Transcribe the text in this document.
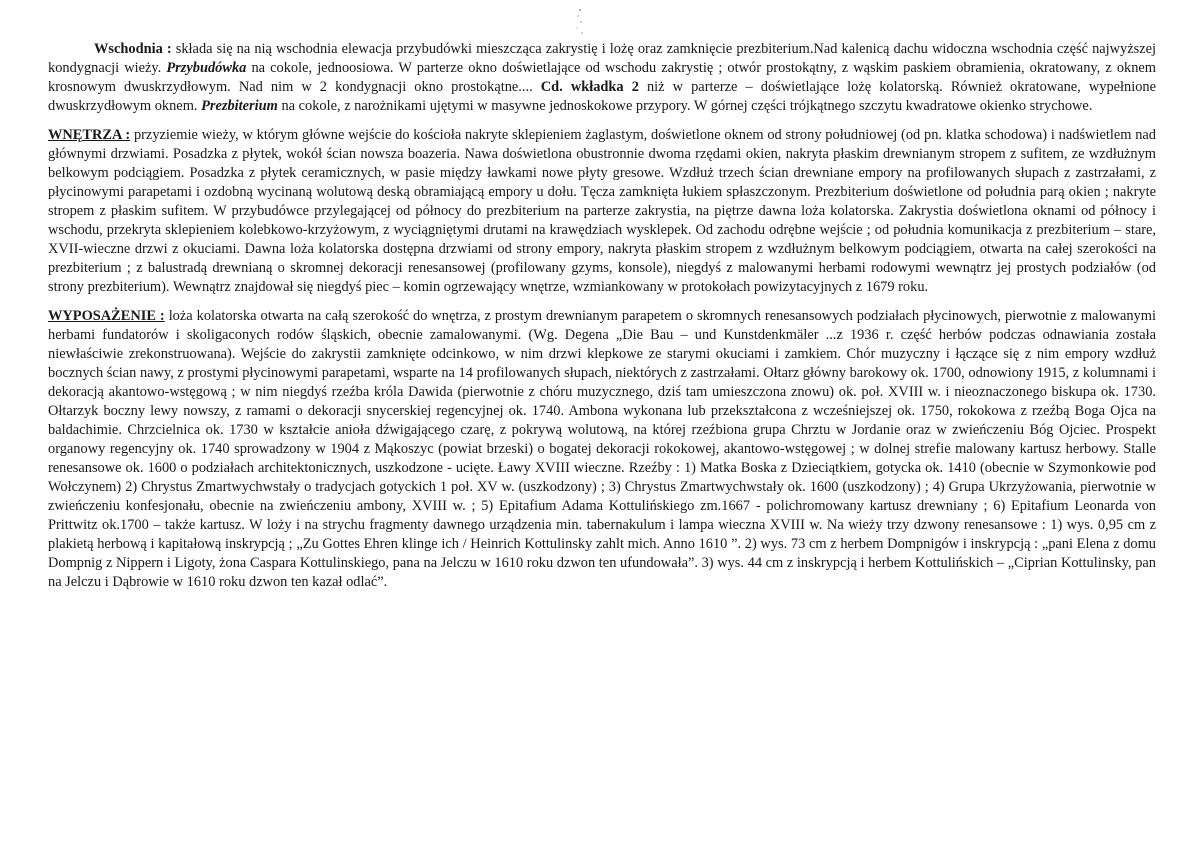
Wschodnia : składa się na nią wschodnia elewacja przybudówki mieszcząca zakrystię i lożę oraz zamknięcie prezbiterium.Nad kalenicą dachu widoczna wschodnia część najwyższej kondygnacji wieży. Przybudówka na cokole, jednoosiowa. W parterze okno doświetlające od wschodu zakrystię ; otwór prostokątny, z wąskim paskiem obramienia, okratowany, z oknem krosnowym dwuskrzydłowym. Nad nim w 2 kondygnacji okno prostokątne.... Cd. wkładka 2 niż w parterze – doświetlające lożę kolatorską. Również okratowane, wypełnione dwuskrzydłowym oknem. Prezbiterium na cokole, z narożnikami ujętymi w masywne jednoskokowe przypory. W górnej części trójkątnego szczytu kwadratowe okienko strychowe.

WNĘTRZA : przyziemie wieży, w którym główne wejście do kościoła nakryte sklepieniem żaglastym, doświetlone oknem od strony południowej (od pn. klatka schodowa) i nadświetlem nad głównymi drzwiami. Posadzka z płytek, wokół ścian nowsza boazeria. Nawa doświetlona obustronnie dwoma rzędami okien, nakryta płaskim drewnianym stropem z sufitem, ze wzdłużnym belkowym podciągiem. Posadzka z płytek ceramicznych, w pasie między ławkami nowe płyty gresowe. Wzdłuż trzech ścian drewniane empory na profilowanych słupach z zastrzałami, z płycinowymi parapetami i ozdobną wycinaną wolutową deską obramiającą empory u dołu. Tęcza zamknięta łukiem spłaszczonym. Prezbiterium doświetlone od południa parą okien ; nakryte stropem z płaskim sufitem. W przybudówce przylegającej od północy do prezbiterium na parterze zakrystia, na piętrze dawna loża kolatorska. Zakrystia doświetlona oknami od północy i wschodu, przekryta sklepieniem kolebkowo-krzyżowym, z wyciągniętymi drutami na krawędziach wysklepek. Od zachodu odrębne wejście ; od południa komunikacja z prezbiterium – stare, XVII-wieczne drzwi z okuciami. Dawna loża kolatorska dostępna drzwiami od strony empory, nakryta płaskim stropem z wzdłużnym belkowym podciągiem, otwarta na całej szerokości na prezbiterium ; z balustradą drewnianą o skromnej dekoracji renesansowej (profilowany gzyms, konsole), niegdyś z malowanymi herbami rodowymi wewnątrz jej prostych podziałów (od strony prezbiterium). Wewnątrz znajdował się niegdyś piec – komin ogrzewający wnętrze, wzmiankowany w protokołach powizytacyjnych z 1679 roku.

WYPOSAŻENIE : loża kolatorska otwarta na całą szerokość do wnętrza, z prostym drewnianym parapetem o skromnych renesansowych podziałach płycinowych, pierwotnie z malowanymi herbami fundatorów i skoligaconych rodów śląskich, obecnie zamalowanymi. (Wg. Degena „Die Bau – und Kunstdenkmäler ...z 1936 r. część herbów podczas odnawiania została niewłaściwie zrekonstruowana). Wejście do zakrystii zamknięte odcinkowo, w nim drzwi klepkowe ze starymi okuciami i zamkiem. Chór muzyczny i łączące się z nim empory wzdłuż bocznych ścian nawy, z prostymi płycinowymi parapetami, wsparte na 14 profilowanych słupach, niektórych z zastrzałami. Ołtarz główny barokowy ok. 1700, odnowiony 1915, z kolumnami i dekoracją akantowo-wstęgową ; w nim niegdyś rzeźba króla Dawida (pierwotnie z chóru muzycznego, dziś tam umieszczona znowu) ok. poł. XVIII w. i nieoznaczonego biskupa ok. 1730. Ołtarzyk boczny lewy nowszy, z ramami o dekoracji snycerskiej regencyjnej ok. 1740. Ambona wykonana lub przekształcona z wcześniejszej ok. 1750, rokokowa z rzeźbą Boga Ojca na baldachimie. Chrzcielnica ok. 1730 w kształcie anioła dźwigającego czarę, z pokrywą wolutową, na której rzeźbiona grupa Chrztu w Jordanie oraz w zwieńczeniu Bóg Ojciec. Prospekt organowy regencyjny ok. 1740 sprowadzony w 1904 z Mąkoszyc (powiat brzeski) o bogatej dekoracji rokokowej, akantowo-wstęgowej ; w dolnej strefie malowany kartusz herbowy. Stalle renesansowe ok. 1600 o podziałach architektonicznych, uszkodzone - ucięte. Ławy XVIII wieczne. Rzeźby : 1) Matka Boska z Dzieciątkiem, gotycka ok. 1410 (obecnie w Szymonkowie pod Wołczynem) 2) Chrystus Zmartwychwstały o tradycjach gotyckich 1 poł. XV w. (uszkodzony) ; 3) Chrystus Zmartwychwstały ok. 1600 (uszkodzony) ; 4) Grupa Ukrzyżowania, pierwotnie w zwieńczeniu konfesjonału, obecnie na zwieńczeniu ambony, XVIII w. ; 5) Epitafium Adama Kottulińskiego zm.1667 - polichromowany kartusz drewniany ; 6) Epitafium Leonarda von Prittwitz ok.1700 – także kartusz. W loży i na strychu fragmenty dawnego urządzenia min. tabernakulum i lampa wieczna XVIII w. Na wieży trzy dzwony renesansowe : 1) wys. 0,95 cm z plakietą herbową i kapitałową inskrypcją ; „Zu Gottes Ehren klinge ich / Heinrich Kottulinsky zahlt mich. Anno 1610 ”. 2) wys. 73 cm z herbem Dompnigów i inskrypcją : „pani Elena z domu Dompnig z Nippern i Ligoty, żona Caspara Kottulinskiego, pana na Jelczu w 1610 roku dzwon ten ufundowała”. 3) wys. 44 cm z inskrypcją i herbem Kottulińskich – „Ciprian Kottulinsky, pan na Jelczu i Dąbrowie w 1610 roku dzwon ten kazał odlać”.
